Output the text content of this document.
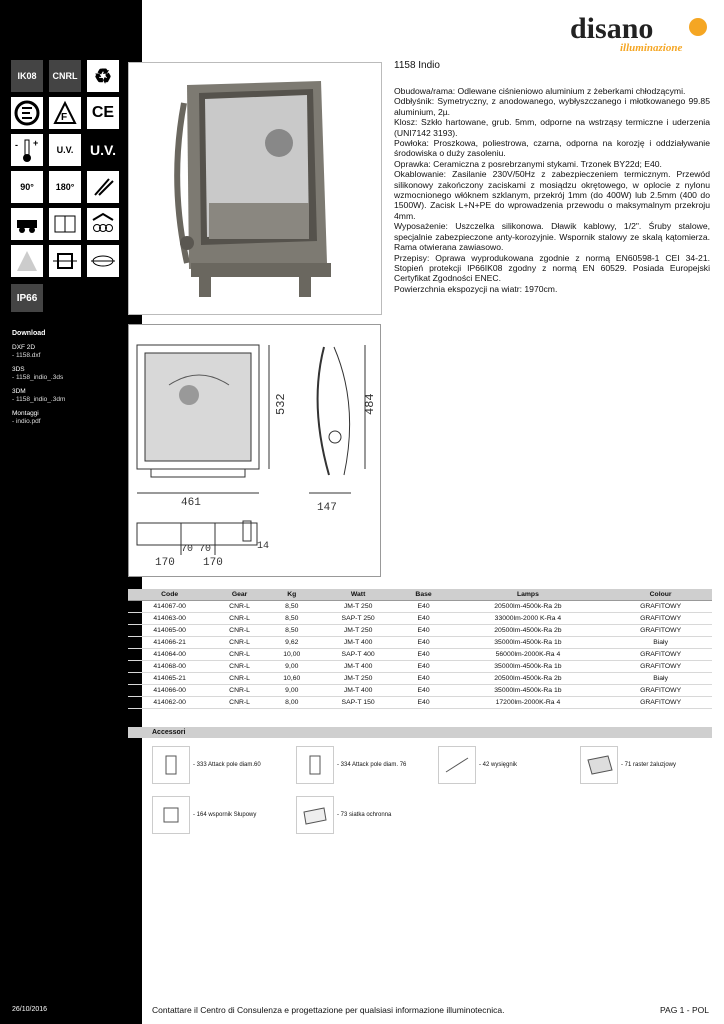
IK08 CNRL ♻
F CE
- +
U.V. U.V.
90° 180°
IP66
Download
DXF 2D
- 1158.dxf
3DS
- 1158_indio_.3ds
3DM
- 1158_indio_.3dm
Montaggi
- indio.pdf
26/10/2016
disano
illuminazione
1158 Indio

Obudowa/rama: Odlewane ciśnieniowo aluminium z żeberkami chłodzącymi.

Odbłyśnik: Symetryczny, z anodowanego, wybłyszczanego i młotkowanego 99.85 aluminium, 2µ.

Klosz: Szkło hartowane, grub. 5mm, odporne na wstrząsy termiczne i uderzenia (UNI7142 3193).

Powłoka: Proszkowa, poliestrowa, czarna, odporna na korozję i oddziaływanie środowiska o duży zasoleniu.

Oprawka: Ceramiczna z posrebrzanymi stykami. Trzonek BY22d; E40.

Okablowanie: Zasilanie 230V/50Hz z zabezpieczeniem termicznym. Przewód silikonowy zakończony zaciskami z mosiądzu okrętowego, w oplocie z nylonu wzmocnionego włóknem szklanym, przekrój 1mm (do 400W) lub 2.5mm (400 do 1500W). Zacisk L+N+PE do wprowadzenia przewodu o maksymalnym przekroju 4mm.

Wyposażenie: Uszczelka silikonowa. Dławik kablowy, 1/2". Śruby stalowe, specjalnie zabezpieczone anty-korozyjnie. Wspornik stalowy ze skalą kątomierza. Rama otwierana zawiasowo.

Przepisy: Oprawa wyprodukowana zgodnie z normą EN60598-1 CEI 34-21. Stopień protekcji IP66IK08 zgodny z normą EN 60529. Posiada Europejski Certyfikat Zgodności ENEC.

Powierzchnia ekspozycji na wiatr: 1970cm.

461
532	484
147
70 70	14
170	170
Code	Gear	Kg	Watt	Base	Lamps	Colour
414067-00	CNR-L	8,50	JM-T 250	E40	20500lm-4500k-Ra 2b	GRAFITOWY
414063-00	CNR-L	8,50	SAP-T 250	E40	33000lm-2000 K-Ra 4	GRAFITOWY
414065-00	CNR-L	8,50	JM-T 250	E40	20500lm-4500k-Ra 2b	GRAFITOWY
414066-21	CNR-L	9,62	JM-T 400	E40	35000lm-4500k-Ra 1b	Biały
414064-00	CNR-L	10,00	SAP-T 400	E40	56000lm-2000K-Ra 4	GRAFITOWY
414068-00	CNR-L	9,00	JM-T 400	E40	35000lm-4500k-Ra 1b	GRAFITOWY
414065-21	CNR-L	10,60	JM-T 250	E40	20500lm-4500k-Ra 2b	Biały
414066-00	CNR-L	9,00	JM-T 400	E40	35000lm-4500k-Ra 1b	GRAFITOWY
414062-00	CNR-L	8,00	SAP-T 150	E40	17200lm-2000K-Ra 4	GRAFITOWY
Accessori
- 333 Attack pole diam.60	- 334 Attack pole diam. 76	- 42 wysięgnik	- 71 raster żaluzjowy
- 164 wspornik Słupowy	- 73 siatka ochronna
Contattare il Centro di Consulenza e progettazione per qualsiasi informazione illuminotecnica.	PAG 1 - POL
